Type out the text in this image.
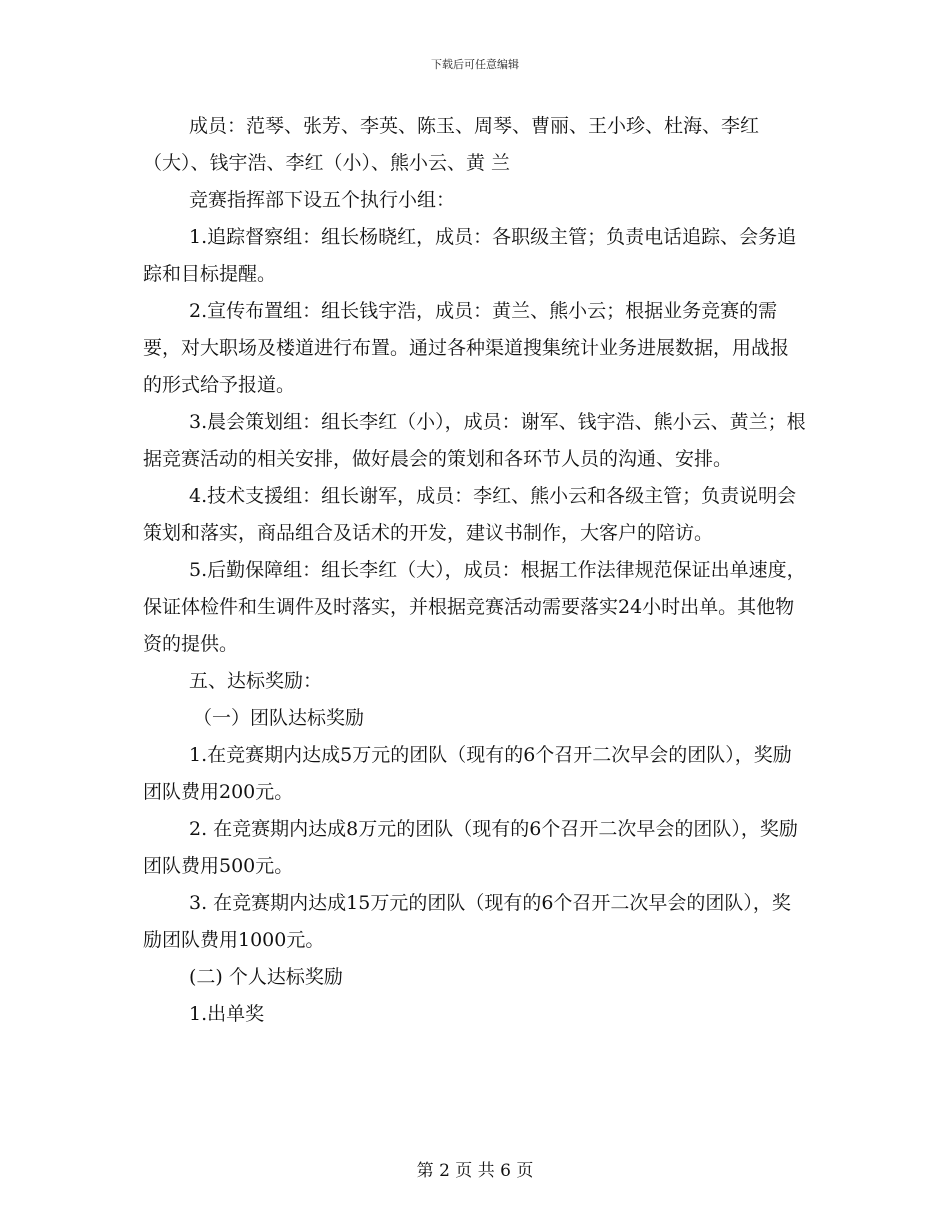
下载后可任意编辑

成员：范琴、张芳、李英、陈玉、周琴、曹丽、王小珍、杜海、李红（大）、钱宇浩、李红（小）、熊小云、黄 兰

竞赛指挥部下设五个执行小组：

1.追踪督察组：组长杨晓红，成员：各职级主管；负责电话追踪、会务追踪和目标提醒。

2.宣传布置组：组长钱宇浩，成员：黄兰、熊小云；根据业务竞赛的需要，对大职场及楼道进行布置。通过各种渠道搜集统计业务进展数据，用战报的形式给予报道。

3.晨会策划组：组长李红（小），成员：谢军、钱宇浩、熊小云、黄兰；根据竞赛活动的相关安排，做好晨会的策划和各环节人员的沟通、安排。

4.技术支援组：组长谢军，成员：李红、熊小云和各级主管；负责说明会策划和落实，商品组合及话术的开发，建议书制作，大客户的陪访。

5.后勤保障组：组长李红（大），成员：根据工作法律规范保证出单速度，保证体检件和生调件及时落实，并根据竞赛活动需要落实24小时出单。其他物资的提供。

五、达标奖励：

（一）团队达标奖励

1.在竞赛期内达成5万元的团队（现有的6个召开二次早会的团队），奖励团队费用200元。

2. 在竞赛期内达成8万元的团队（现有的6个召开二次早会的团队），奖励团队费用500元。

3. 在竞赛期内达成15万元的团队（现有的6个召开二次早会的团队），奖励团队费用1000元。

(二) 个人达标奖励

1.出单奖

第 2 页 共 6 页
